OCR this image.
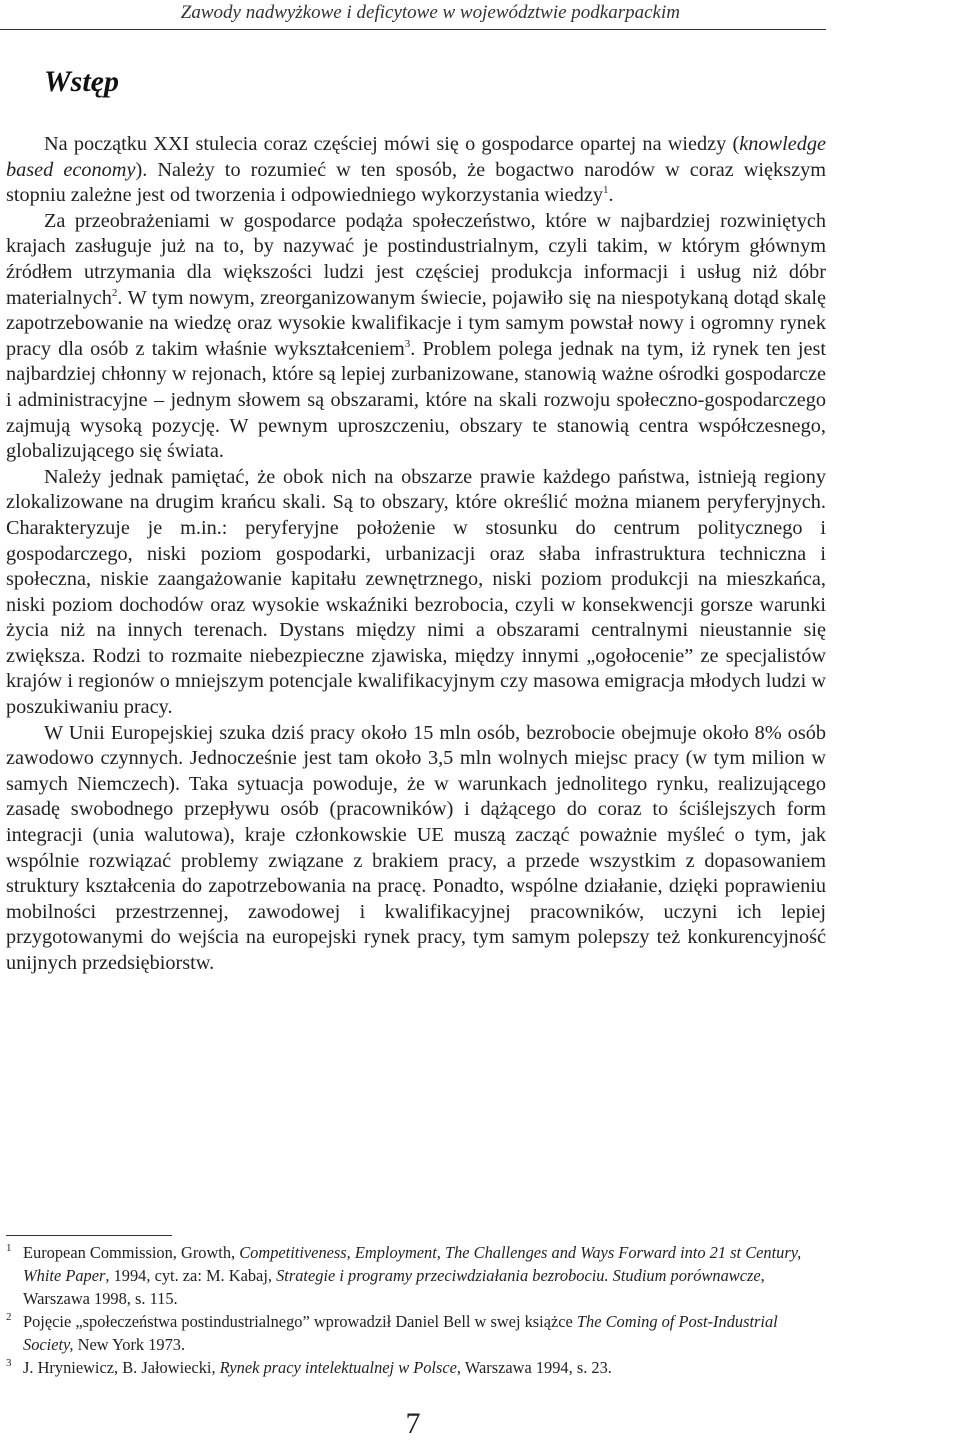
Zawody nadwyżkowe i deficytowe w województwie podkarpackim
Wstęp

Na początku XXI stulecia coraz częściej mówi się o gospodarce opartej na wiedzy (knowledge based economy). Należy to rozumieć w ten sposób, że bogactwo narodów w coraz większym stopniu zależne jest od tworzenia i odpowiedniego wykorzystania wiedzy$^1$.

Za przeobrażeniami w gospodarce podąża społeczeństwo, które w najbardziej rozwiniętych krajach zasługuje już na to, by nazywać je postindustrialnym, czyli takim, w którym głównym źródłem utrzymania dla większości ludzi jest częściej produkcja informacji i usług niż dóbr materialnych$^2$. W tym nowym, zreorganizowanym świecie, pojawiło się na niespotykaną dotąd skalę zapotrzebowanie na wiedzę oraz wysokie kwalifikacje i tym samym powstał nowy i ogromny rynek pracy dla osób z takim właśnie wykształceniem$^3$. Problem polega jednak na tym, iż rynek ten jest najbardziej chłonny w rejonach, które są lepiej zurbanizowane, stanowią ważne ośrodki gospodarcze i administracyjne – jednym słowem są obszarami, które na skali rozwoju społeczno-gospodarczego zajmują wysoką pozycję. W pewnym uproszczeniu, obszary te stanowią centra współczesnego, globalizującego się świata.

Należy jednak pamiętać, że obok nich na obszarze prawie każdego państwa, istnieją regiony zlokalizowane na drugim krańcu skali. Są to obszary, które określić można mianem peryferyjnych. Charakteryzuje je m.in.: peryferyjne położenie w stosunku do centrum politycznego i gospodarczego, niski poziom gospodarki, urbanizacji oraz słaba infrastruktura techniczna i społeczna, niskie zaangażowanie kapitału zewnętrznego, niski poziom produkcji na mieszkańca, niski poziom dochodów oraz wysokie wskaźniki bezrobocia, czyli w konsekwencji gorsze warunki życia niż na innych terenach. Dystans między nimi a obszarami centralnymi nieustannie się zwiększa. Rodzi to rozmaite niebezpieczne zjawiska, między innymi „ogołocenie” ze specjalistów krajów i regionów o mniejszym potencjale kwalifikacyjnym czy masowa emigracja młodych ludzi w poszukiwaniu pracy.

W Unii Europejskiej szuka dziś pracy około 15 mln osób, bezrobocie obejmuje około 8% osób zawodowo czynnych. Jednocześnie jest tam około 3,5 mln wolnych miejsc pracy (w tym milion w samych Niemczech). Taka sytuacja powoduje, że w warunkach jednolitego rynku, realizującego zasadę swobodnego przepływu osób (pracowników) i dążącego do coraz to ściślejszych form integracji (unia walutowa), kraje członkowskie UE muszą zacząć poważnie myśleć o tym, jak wspólnie rozwiązać problemy związane z brakiem pracy, a przede wszystkim z dopasowaniem struktury kształcenia do zapotrzebowania na pracę. Ponadto, wspólne działanie, dzięki poprawieniu mobilności przestrzennej, zawodowej i kwalifikacyjnej pracowników, uczyni ich lepiej przygotowanymi do wejścia na europejski rynek pracy, tym samym polepszy też konkurencyjność unijnych przedsiębiorstw.

1 European Commission, Growth, Competitiveness, Employment, The Challenges and Ways Forward into 21 st Century, White Paper, 1994, cyt. za: M. Kabaj, Strategie i programy przeciwdziałania bezrobociu. Studium porównawcze, Warszawa 1998, s. 115.
2 Pojęcie „społeczeństwa postindustrialnego” wprowadził Daniel Bell w swej książce The Coming of Post-Industrial Society, New York 1973.
3 J. Hryniewicz, B. Jałowiecki, Rynek pracy intelektualnej w Polsce, Warszawa 1994, s. 23.
7
